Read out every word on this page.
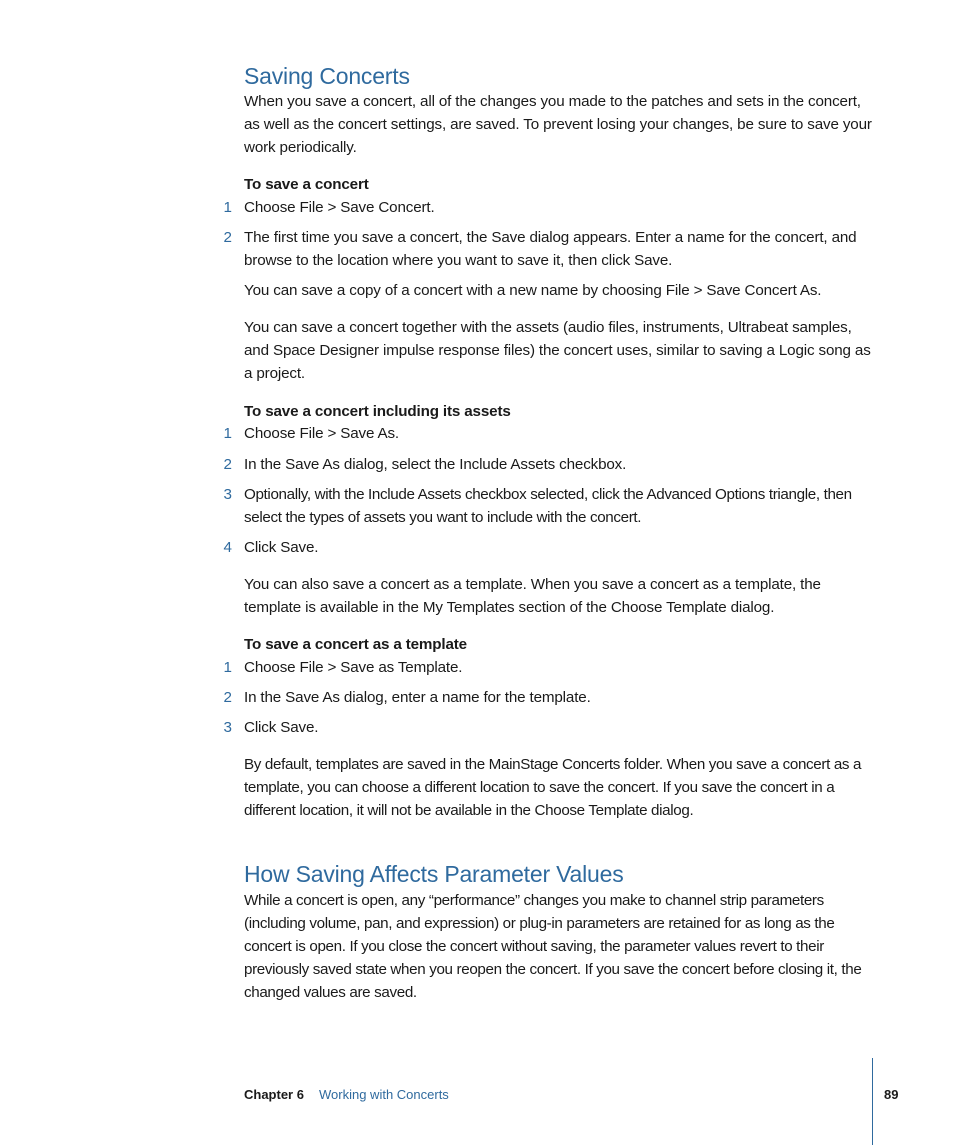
Saving Concerts

When you save a concert, all of the changes you made to the patches and sets in the concert, as well as the concert settings, are saved. To prevent losing your changes, be sure to save your work periodically.

To save a concert
1 Choose File > Save Concert.

2 The first time you save a concert, the Save dialog appears. Enter a name for the concert, and browse to the location where you want to save it, then click Save.

You can save a copy of a concert with a new name by choosing File > Save Concert As.

You can save a concert together with the assets (audio files, instruments, Ultrabeat samples, and Space Designer impulse response files) the concert uses, similar to saving a Logic song as a project.

To save a concert including its assets
1 Choose File > Save As.

2 In the Save As dialog, select the Include Assets checkbox.

3 Optionally, with the Include Assets checkbox selected, click the Advanced Options triangle, then select the types of assets you want to include with the concert.

4 Click Save.

You can also save a concert as a template. When you save a concert as a template, the template is available in the My Templates section of the Choose Template dialog.

To save a concert as a template
1 Choose File > Save as Template.

2 In the Save As dialog, enter a name for the template.

3 Click Save.

By default, templates are saved in the MainStage Concerts folder. When you save a concert as a template, you can choose a different location to save the concert. If you save the concert in a different location, it will not be available in the Choose Template dialog.

How Saving Affects Parameter Values

While a concert is open, any “performance” changes you make to channel strip parameters (including volume, pan, and expression) or plug-in parameters are retained for as long as the concert is open. If you close the concert without saving, the parameter values revert to their previously saved state when you reopen the concert. If you save the concert before closing it, the changed values are saved.

Chapter 6 Working with Concerts	89
